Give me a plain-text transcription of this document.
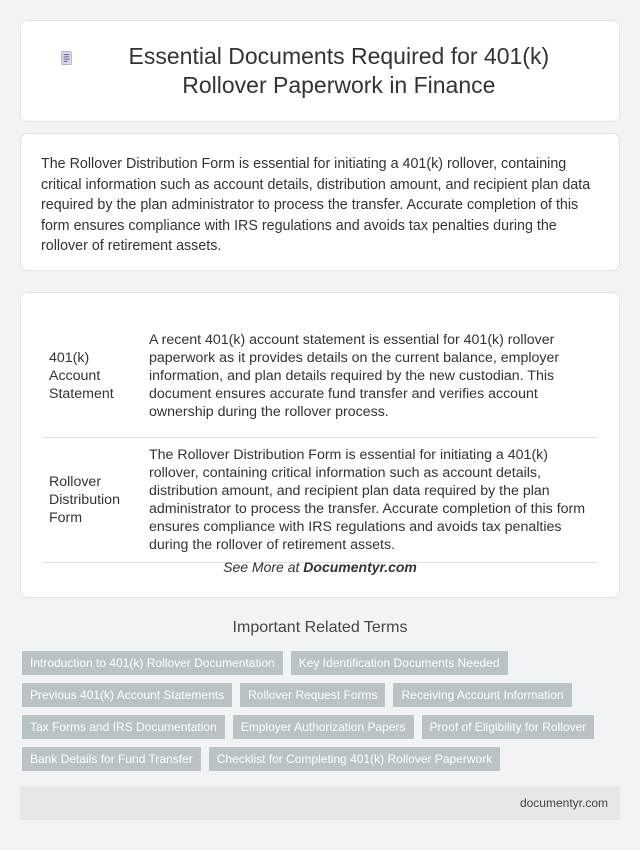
Essential Documents Required for 401(k) Rollover Paperwork in Finance

The Rollover Distribution Form is essential for initiating a 401(k) rollover, containing critical information such as account details, distribution amount, and recipient plan data required by the plan administrator to process the transfer. Accurate completion of this form ensures compliance with IRS regulations and avoids tax penalties during the rollover of retirement assets.

401(k) Account Statement	A recent 401(k) account statement is essential for 401(k) rollover paperwork as it provides details on the current balance, employer information, and plan details required by the new custodian. This document ensures accurate fund transfer and verifies account ownership during the rollover process.
Rollover Distribution Form	The Rollover Distribution Form is essential for initiating a 401(k) rollover, containing critical information such as account details, distribution amount, and recipient plan data required by the plan administrator to process the transfer. Accurate completion of this form ensures compliance with IRS regulations and avoids tax penalties during the rollover of retirement assets.
See More at Documentyr.com
Important Related Terms
Introduction to 401(k) Rollover Documentation	Key Identification Documents Needed
Previous 401(k) Account Statements	Rollover Request Forms	Receiving Account Information
Tax Forms and IRS Documentation	Employer Authorization Papers	Proof of Eligibility for Rollover
Bank Details for Fund Transfer	Checklist for Completing 401(k) Rollover Paperwork
documentyr.com
